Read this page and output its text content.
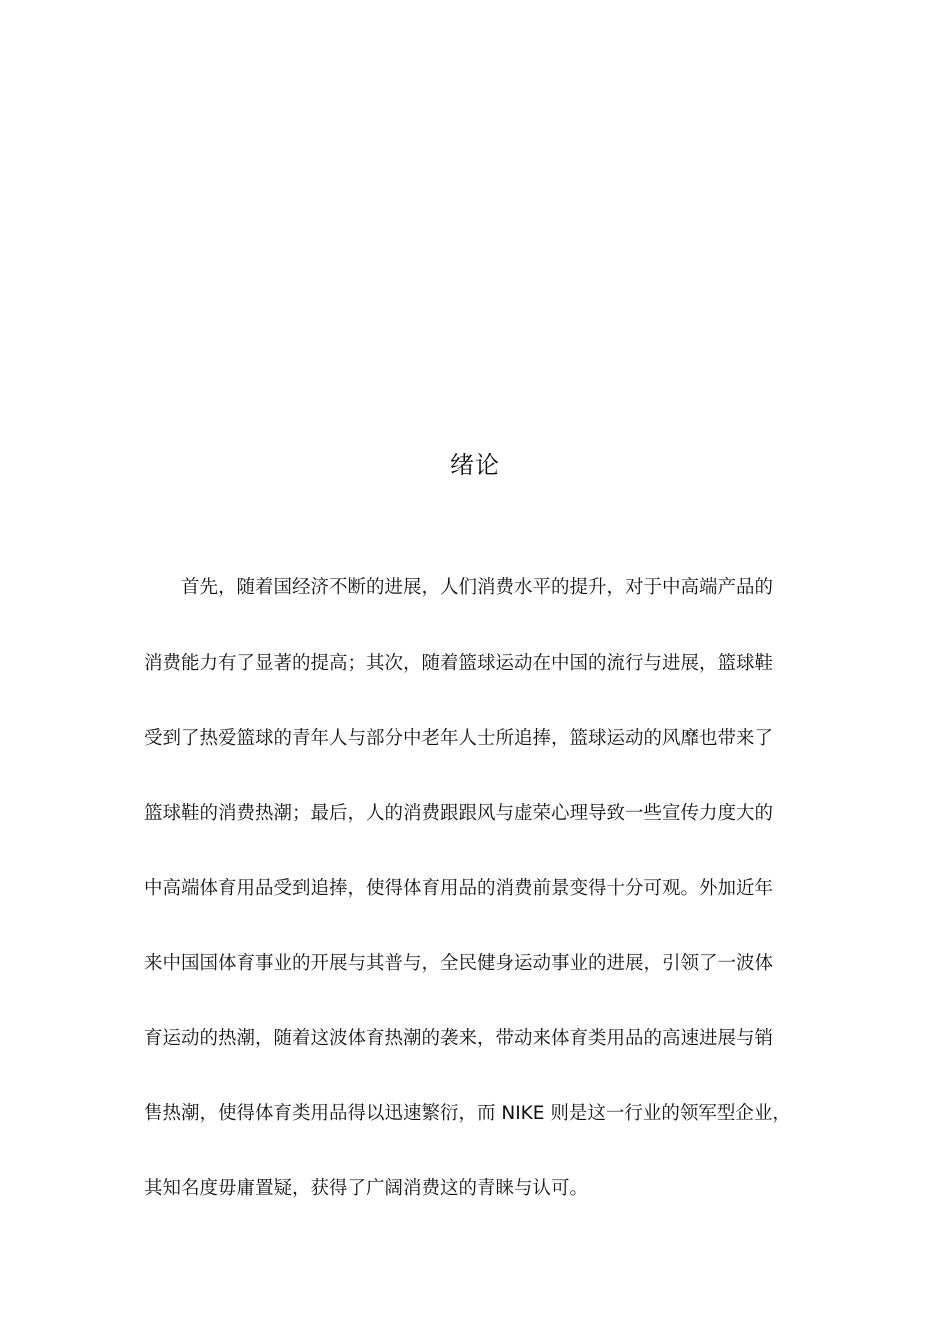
绪论
首先，随着国经济不断的进展，人们消费水平的提升，对于中高端产品的
消费能力有了显著的提高；其次，随着篮球运动在中国的流行与进展，篮球鞋
受到了热爱篮球的青年人与部分中老年人士所追捧，篮球运动的风靡也带来了
篮球鞋的消费热潮；最后，人的消费跟跟风与虚荣心理导致一些宣传力度大的
中高端体育用品受到追捧，使得体育用品的消费前景变得十分可观。外加近年
来中国国体育事业的开展与其普与，全民健身运动事业的进展，引领了一波体
育运动的热潮，随着这波体育热潮的袭来，带动来体育类用品的高速进展与销
售热潮，使得体育类用品得以迅速繁衍，而 NIKE 则是这一行业的领军型企业，
其知名度毋庸置疑，获得了广阔消费这的青睐与认可。
